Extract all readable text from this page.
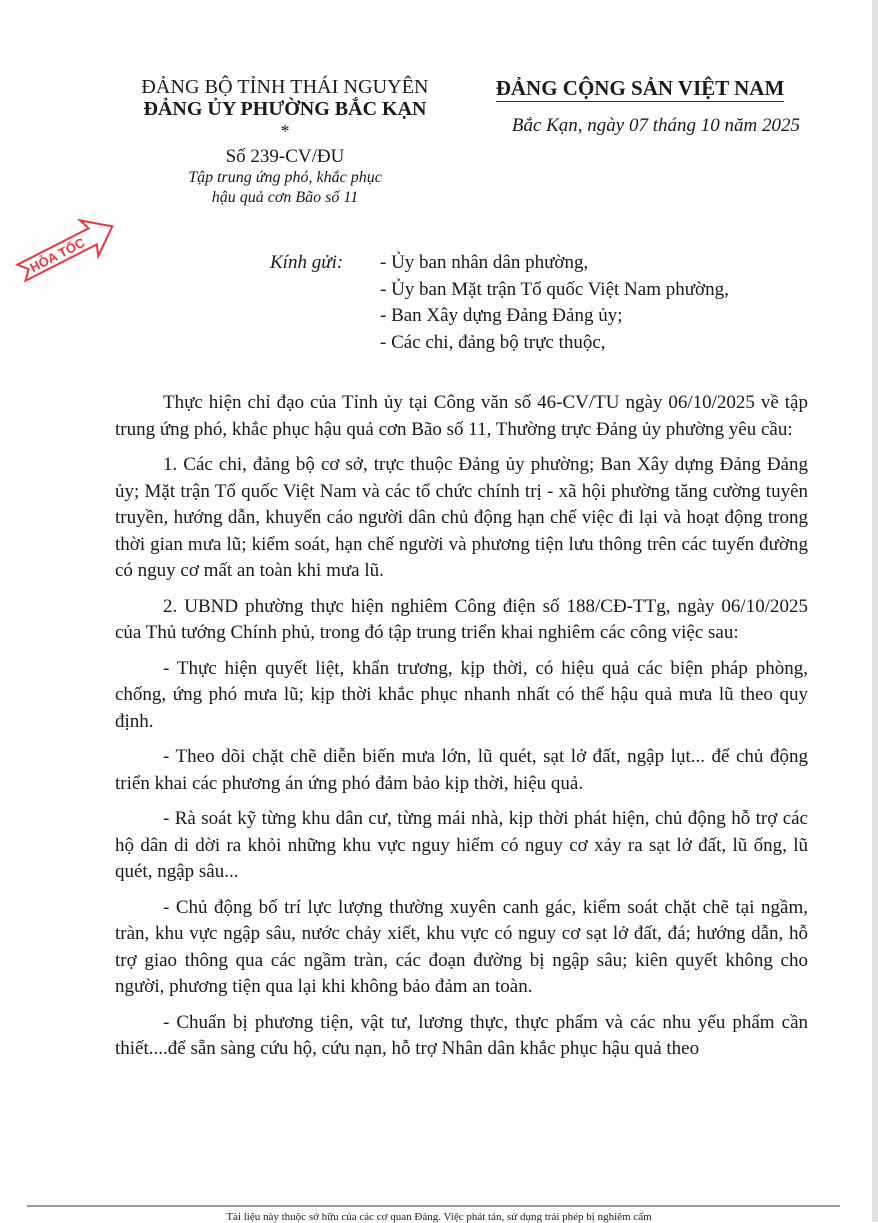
ĐẢNG BỘ TỈNH THÁI NGUYÊN
ĐẢNG ỦY PHƯỜNG BẮC KẠN
*
Số 239-CV/ĐU
Tập trung ứng phó, khắc phục
hậu quả cơn Bão số 11
ĐẢNG CỘNG SẢN VIỆT NAM
Bắc Kạn, ngày 07 tháng 10 năm 2025
HỎA TỐC	Kính gửi: - Ủy ban nhân dân phường,
- Ủy ban Mặt trận Tổ quốc Việt Nam phường,
- Ban Xây dựng Đảng Đảng ủy;
- Các chi, đảng bộ trực thuộc,

Thực hiện chỉ đạo của Tỉnh ủy tại Công văn số 46-CV/TU ngày 06/10/2025 về tập trung ứng phó, khắc phục hậu quả cơn Bão số 11, Thường trực Đảng ủy phường yêu cầu:

1. Các chi, đảng bộ cơ sở, trực thuộc Đảng ủy phường; Ban Xây dựng Đảng Đảng ủy; Mặt trận Tổ quốc Việt Nam và các tổ chức chính trị - xã hội phường tăng cường tuyên truyền, hướng dẫn, khuyến cáo người dân chủ động hạn chế việc đi lại và hoạt động trong thời gian mưa lũ; kiểm soát, hạn chế người và phương tiện lưu thông trên các tuyến đường có nguy cơ mất an toàn khi mưa lũ.

2. UBND phường thực hiện nghiêm Công điện số 188/CĐ-TTg, ngày 06/10/2025 của Thủ tướng Chính phủ, trong đó tập trung triển khai nghiêm các công việc sau:

- Thực hiện quyết liệt, khẩn trương, kịp thời, có hiệu quả các biện pháp phòng, chống, ứng phó mưa lũ; kịp thời khắc phục nhanh nhất có thể hậu quả mưa lũ theo quy định.

- Theo dõi chặt chẽ diễn biến mưa lớn, lũ quét, sạt lở đất, ngập lụt... để chủ động triển khai các phương án ứng phó đảm bảo kịp thời, hiệu quả.

- Rà soát kỹ từng khu dân cư, từng mái nhà, kịp thời phát hiện, chủ động hỗ trợ các hộ dân di dời ra khỏi những khu vực nguy hiểm có nguy cơ xảy ra sạt lở đất, lũ ống, lũ quét, ngập sâu...

- Chủ động bố trí lực lượng thường xuyên canh gác, kiểm soát chặt chẽ tại ngầm, tràn, khu vực ngập sâu, nước chảy xiết, khu vực có nguy cơ sạt lở đất, đá; hướng dẫn, hỗ trợ giao thông qua các ngầm tràn, các đoạn đường bị ngập sâu; kiên quyết không cho người, phương tiện qua lại khi không bảo đảm an toàn.

- Chuẩn bị phương tiện, vật tư, lương thực, thực phẩm và các nhu yếu phẩm cần thiết....để sẵn sàng cứu hộ, cứu nạn, hỗ trợ Nhân dân khắc phục hậu quả theo

Tài liệu này thuộc sở hữu của các cơ quan Đảng. Việc phát tán, sử dụng trái phép bị nghiêm cấm
